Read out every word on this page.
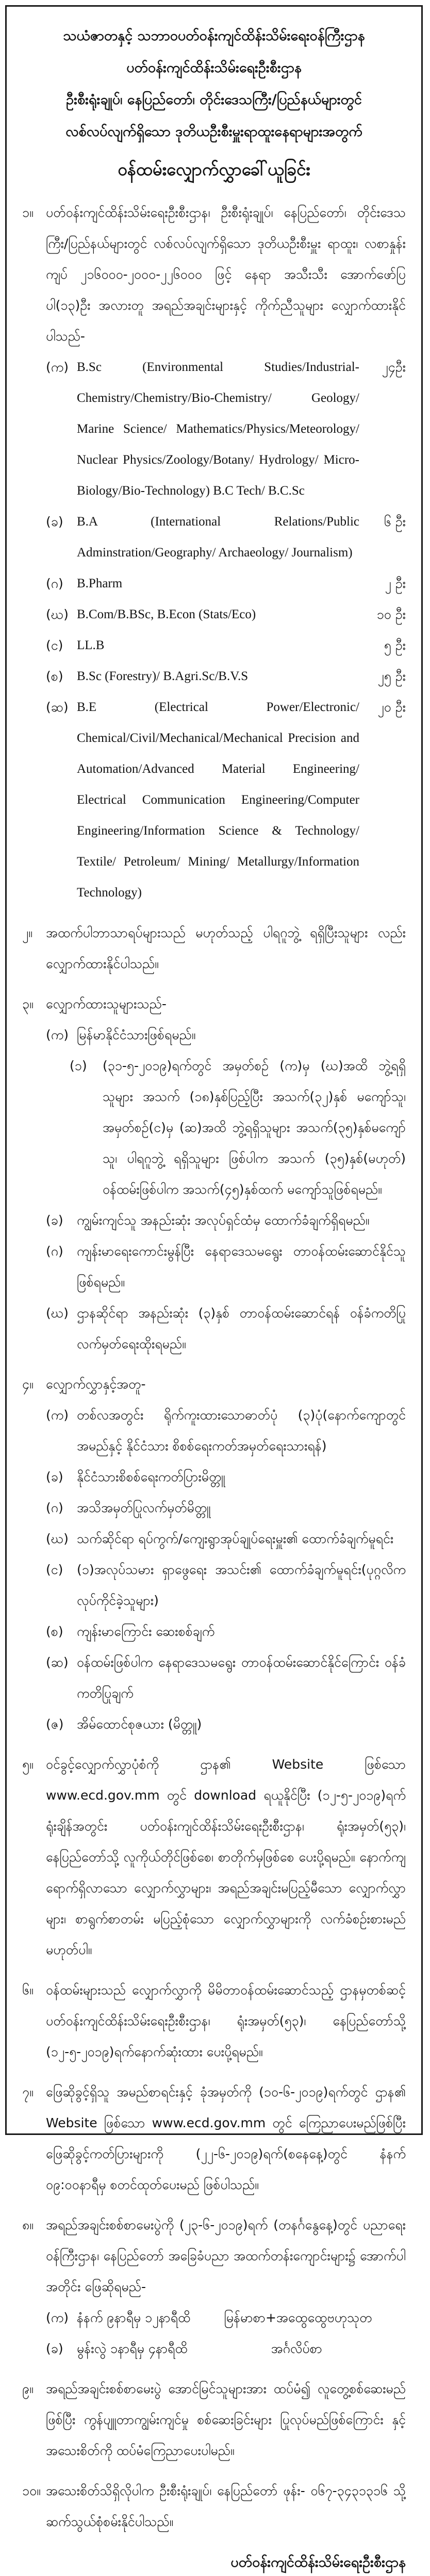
သယံဇာတနှင့် သဘာဝပတ်ဝန်းကျင်ထိန်းသိမ်းရေးဝန်ကြီးဌာန
ပတ်ဝန်းကျင်ထိန်းသိမ်းရေးဦးစီးဌာန
ဦးစီးရုံးချုပ်၊ နေပြည်တော်၊ တိုင်းဒေသကြီး/ပြည်နယ်များတွင်
လစ်လပ်လျက်ရှိသော ဒုတိယဦးစီးမှူးရာထူးနေရာများအတွက်
ဝန်ထမ်းလျှောက်လွှာခေါ်ယူခြင်း
၁။ ပတ်ဝန်းကျင်ထိန်းသိမ်းရေးဦးစီးဌာန၊ ဦးစီးရုံးချုပ်၊ နေပြည်တော်၊ တိုင်းဒေသကြီး/ပြည်နယ်များတွင် လစ်လပ်လျက်ရှိသော ဒုတိယဦးစီးမှူး ရာထူး၊ လစာနှုန်း ကျပ် ၂၁၆၀၀၀-၂၀၀၀-၂၂၆၀၀၀ ဖြင့် နေရာ အသီးသီး အောက်ဖော်ပြပါ(၁၃)ဦး အလားတူ အရည်အချင်းများနှင့် ကိုက်ညီသူများ လျှောက်ထားနိုင်ပါသည်-
(က) B.Sc (Environmental Studies/Industrial-Chemistry/Chemistry/Bio-Chemistry/ Geology/ Marine Science/ Mathematics/Physics/Meteorology/ Nuclear Physics/Zoology/Botany/ Hydrology/ Micro-Biology/Bio-Technology) B.C Tech/ B.C.Sc
၂၄ဦး
(ခ)	B.A (International Relations/Public Adminstration/Geography/ Archaeology/ Journalism)
၆ ဦး
(ဂ)	B.Pharm	၂ ဦး
(ဃ) B.Com/B.BSc, B.Econ (Stats/Eco)	၁၀ ဦး
(င)	LL.B	၅ ဦး
(စ)	B.Sc (Forestry)/ B.Agri.Sc/B.V.S	၂၅ ဦး
(ဆ) B.E (Electrical Power/Electronic/ Chemical/Civil/Mechanical/Mechanical Precision and Automation/Advanced Material Engineering/ Electrical Communication Engineering/Computer Engineering/Information Science & Technology/ Textile/ Petroleum/ Mining/ Metallurgy/Information Technology)
၂၀ ဦး
၂။	အထက်ပါဘာသာရပ်များသည် မဟုတ်သည့် ပါရဂူဘွဲ့ ရရှိပြီးသူများ လည်း လျှောက်ထားနိုင်ပါသည်။
၃။ လျှောက်ထားသူများသည်-
(က) မြန်မာနိုင်ငံသားဖြစ်ရမည်။
(၁)	(၃၁-၅-၂၀၁၉)ရက်တွင် အမှတ်စဉ် (က)မှ (ဃ)အထိ ဘွဲ့ရရှိသူများ အသက် (၁၈)နှစ်ပြည့်ပြီး အသက်(၃၂)နှစ် မကျော်သူ၊ အမှတ်စဉ်(င)မှ (ဆ)အထိ ဘွဲ့ရရှိသူများ အသက်(၃၅)နှစ်မကျော်သူ၊ ပါရဂူဘွဲ့ ရရှိသူများ ဖြစ်ပါက အသက် (၃၅)နှစ်(မဟုတ်) ဝန်ထမ်းဖြစ်ပါက အသက်(၄၅)နှစ်ထက် မကျော်သူဖြစ်ရမည်။
(ခ)	ကျွမ်းကျင်သူ အနည်းဆုံး အလုပ်ရှင်ထံမှ ထောက်ခံချက်ရှိရမည်။
(ဂ)	ကျန်းမာရေးကောင်းမွန်ပြီး နေရာဒေသမရွေး တာဝန်ထမ်းဆောင်နိုင်သူဖြစ်ရမည်။
(ဃ) ဌာနဆိုင်ရာ အနည်းဆုံး (၃)နှစ် တာဝန်ထမ်းဆောင်ရန် ဝန်ခံကတိပြု လက်မှတ်ရေးထိုးရမည်။
၄။ လျှောက်လွှာနှင့်အတူ-
(က) တစ်လအတွင်း ရိုက်ကူးထားသောဓာတ်ပုံ (၃)ပုံ(နောက်ကျောတွင် အမည်နှင့် နိုင်ငံသား စိစစ်ရေးကတ်အမှတ်ရေးသားရန်)
(ခ)	နိုင်ငံသားစိစစ်ရေးကတ်ပြားမိတ္တူ
(ဂ)	အသိအမှတ်ပြုလက်မှတ်မိတ္တူ
(ဃ) သက်ဆိုင်ရာ ရပ်ကွက်/ကျေးရွာအုပ်ချုပ်ရေးမှူး၏ ထောက်ခံချက်မူရင်း
(င)	(၁)အလုပ်သမား ရှာဖွေရေး အသင်း၏ ထောက်ခံချက်မူရင်း(ပုဂ္ဂလိကလုပ်ကိုင်ခဲ့သူများ)
(စ)	ကျန်းမာကြောင်း ဆေးစစ်ချက်
(ဆ) ဝန်ထမ်းဖြစ်ပါက နေရာဒေသမရွေး တာဝန်ထမ်းဆောင်နိုင်ကြောင်း ဝန်ခံကတိပြုချက်
(ဇ)	အိမ်ထောင်စုဇယား (မိတ္တူ)
၅။ ဝင်ခွင့်လျှောက်လွှာပုံစံကို ဌာန၏ Website ဖြစ်သော www.ecd.gov.mm တွင် download ရယူနိုင်ပြီး (၁၂-၅-၂၀၁၉)ရက် ရုံးချိန်အတွင်း ပတ်ဝန်းကျင်ထိန်းသိမ်းရေးဦးစီးဌာန၊ ရုံးအမှတ်(၅၃)၊ နေပြည်တော်သို့ လူကိုယ်တိုင်ဖြစ်စေ၊ စာတိုက်မှဖြစ်စေ ပေးပို့ရမည်။ နောက်ကျရောက်ရှိလာသော လျှောက်လွှာများ၊ အရည်အချင်းမပြည့်မီသော လျှောက်လွှာများ၊ စာရွက်စာတမ်း မပြည့်စုံသော လျှောက်လွှာများကို လက်ခံစဉ်းစားမည် မဟုတ်ပါ။
၆။ ဝန်ထမ်းများသည် လျှောက်လွှာကို မိမိတာဝန်ထမ်းဆောင်သည့် ဌာနမှတစ်ဆင့် ပတ်ဝန်းကျင်ထိန်းသိမ်းရေးဦးစီးဌာန၊ ရုံးအမှတ်(၅၃)၊ နေပြည်တော်သို့ (၁၂-၅-၂၀၁၉)ရက်နောက်ဆုံးထား ပေးပို့ရမည်။
၇။ ဖြေဆိုခွင့်ရှိသူ အမည်စာရင်းနှင့် ခုံအမှတ်ကို (၁၀-၆-၂၀၁၉)ရက်တွင် ဌာန၏ Website ဖြစ်သော www.ecd.gov.mm တွင် ကြေညာပေးမည်ဖြစ်ပြီး ဖြေဆိုခွင့်ကတ်ပြားများကို (၂၂-၆-၂၀၁၉)ရက်(စနေနေ့)တွင် နံနက် ၀၉:၀၀နာရီမှ စတင်ထုတ်ပေးမည် ဖြစ်ပါသည်။
၈။ အရည်အချင်းစစ်စာမေးပွဲကို (၂၃-၆-၂၀၁၉)ရက် (တနင်္ဂနွေနေ့)တွင် ပညာရေးဝန်ကြီးဌာန၊ နေပြည်တော် အခြေခံပညာ အထက်တန်းကျောင်းများ၌ အောက်ပါအတိုင်း ဖြေဆိုရမည်-
(က) နံနက် ၉နာရီမှ ၁၂နာရီထိ	မြန်မာစာ+အထွေထွေဗဟုသုတ
(ခ)	မွန်းလွဲ ၁နာရီမှ ၄နာရီထိ	အင်္ဂလိပ်စာ
၉။ အရည်အချင်းစစ်စာမေးပွဲ အောင်မြင်သူများအား ထပ်မံ၍ လူတွေ့စစ်ဆေးမည်ဖြစ်ပြီး ကွန်ပျူတာကျွမ်းကျင်မှု စစ်ဆေးခြင်းများ ပြုလုပ်မည်ဖြစ်ကြောင်း နှင့် အသေးစိတ်ကို ထပ်မံကြေညာပေးပါမည်။
၁၀။ အသေးစိတ်သိရှိလိုပါက ဦးစီးရုံးချုပ်၊ နေပြည်တော် ဖုန်း- ၀၆၇-၃၄၃၁၃၁၆ သို့ ဆက်သွယ်စုံစမ်းနိုင်ပါသည်။
ပတ်ဝန်းကျင်ထိန်းသိမ်းရေးဦးစီးဌာန
